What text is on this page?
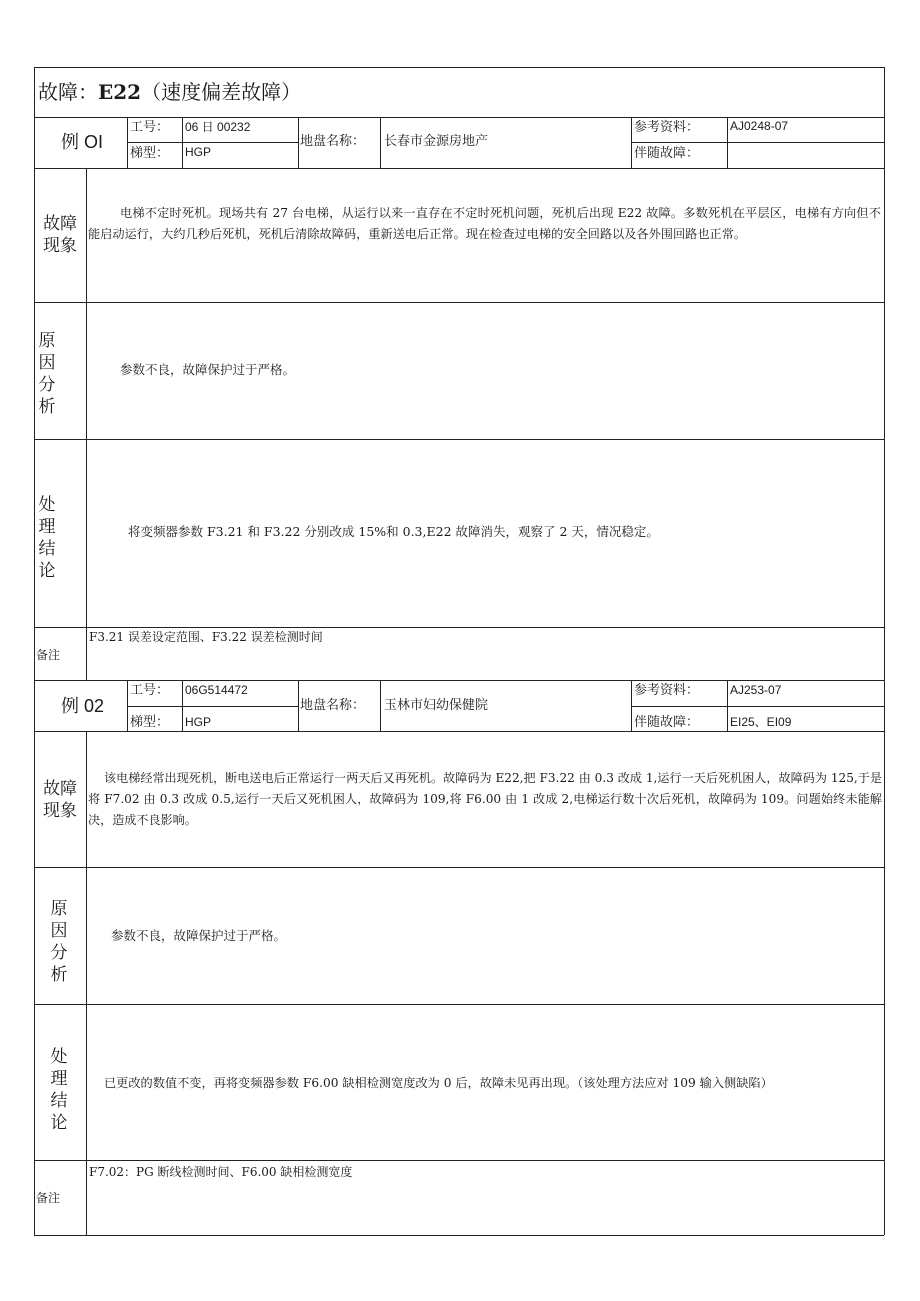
故障：E22（速度偏差故障）
例 OI
工号： 06 日 00232
梯型： HGP
地盘名称： 长春市金源房地产
参考资料：	AJ0248-07
伴随故障：
故障现象
电梯不定时死机。现场共有 27 台电梯，从运行以来一直存在不定时死机问题，死机后出现 E22 故障。多数死机在平层区，电梯有方向但不能启动运行，大约几秒后死机，死机后清除故障码，重新送电后正常。现在检查过电梯的安全回路以及各外围回路也正常。
原因分析
参数不良，故障保护过于严格。
处理结论
将变频器参数 F3.21 和 F3.22 分别改成 15%和 0.3,E22 故障消失，观察了 2 天，情况稳定。
备注
F3.21 误差设定范围、F3.22 误差检测时间
例 02
工号： 06G514472
梯型： HGP
地盘名称： 玉林市妇幼保健院
参考资料：	AJ253-07
伴随故障：	EI25、EI09
故障现象
该电梯经常出现死机，断电送电后正常运行一两天后又再死机。故障码为 E22,把 F3.22 由 0.3 改成 1,运行一天后死机困人，故障码为 125,于是将 F7.02 由 0.3 改成 0.5,运行一天后又死机困人，故障码为 109,将 F6.00 由 1 改成 2,电梯运行数十次后死机，故障码为 109。问题始终未能解决，造成不良影响。
原因分析
参数不良，故障保护过于严格。
处理结论
已更改的数值不变，再将变频器参数 F6.00 缺相检测宽度改为 0 后，故障未见再出现。（该处理方法应对 109 输入侧缺陷）
备注
F7.02：PG 断线检测时间、F6.00 缺相检测宽度
